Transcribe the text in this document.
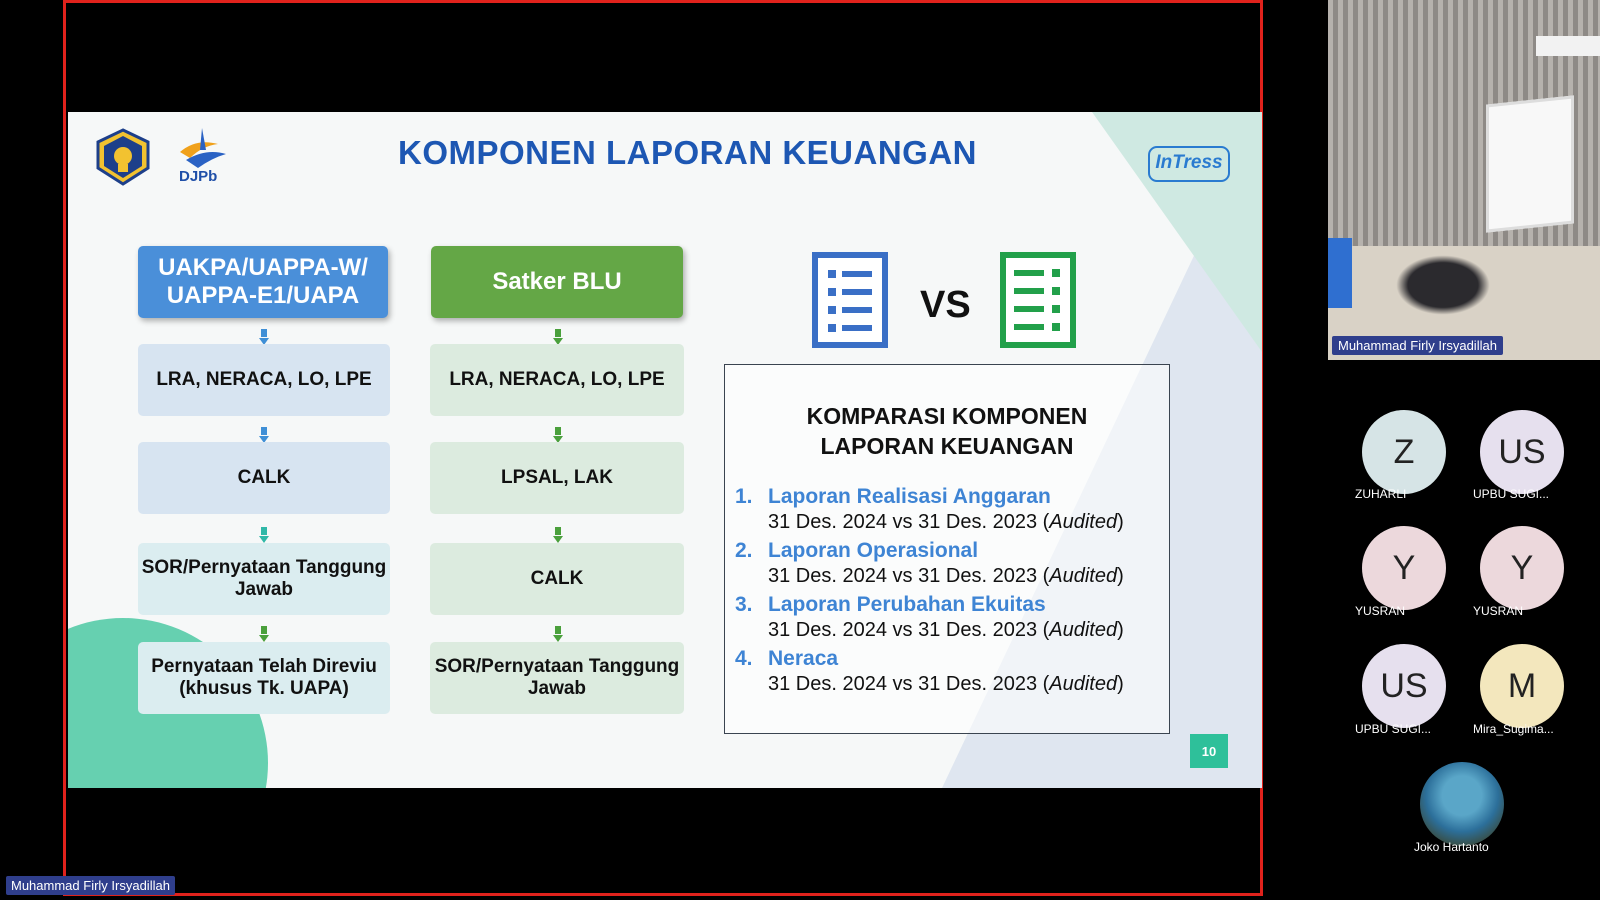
DJPb
KOMPONEN LAPORAN KEUANGAN	InTress
UAKPA/UAPPA-W/ UAPPA-E1/UAPA
LRA, NERACA, LO, LPE
CALK
SOR/Pernyataan Tanggung Jawab
Pernyataan Telah Direviu (khusus Tk. UAPA)
Satker BLU
LRA, NERACA, LO, LPE
LPSAL, LAK
CALK
SOR/Pernyataan Tanggung Jawab
VS
KOMPARASI KOMPONEN
LAPORAN KEUANGAN
1. Laporan Realisasi Anggaran
31 Des. 2024 vs 31 Des. 2023 (Audited)
2. Laporan Operasional
31 Des. 2024 vs 31 Des. 2023 (Audited)
3. Laporan Perubahan Ekuitas
31 Des. 2024 vs 31 Des. 2023 (Audited)
4. Neraca
31 Des. 2024 vs 31 Des. 2023 (Audited)
10
Muhammad Firly Irsyadillah
Muhammad Firly Irsyadillah
Z
ZUHARLI
US
UPBU SUGI...
Y
YUSRAN
Y
YUSRAN
US
UPBU SUGI...
M
Mira_Sugima...
Joko Hartanto
